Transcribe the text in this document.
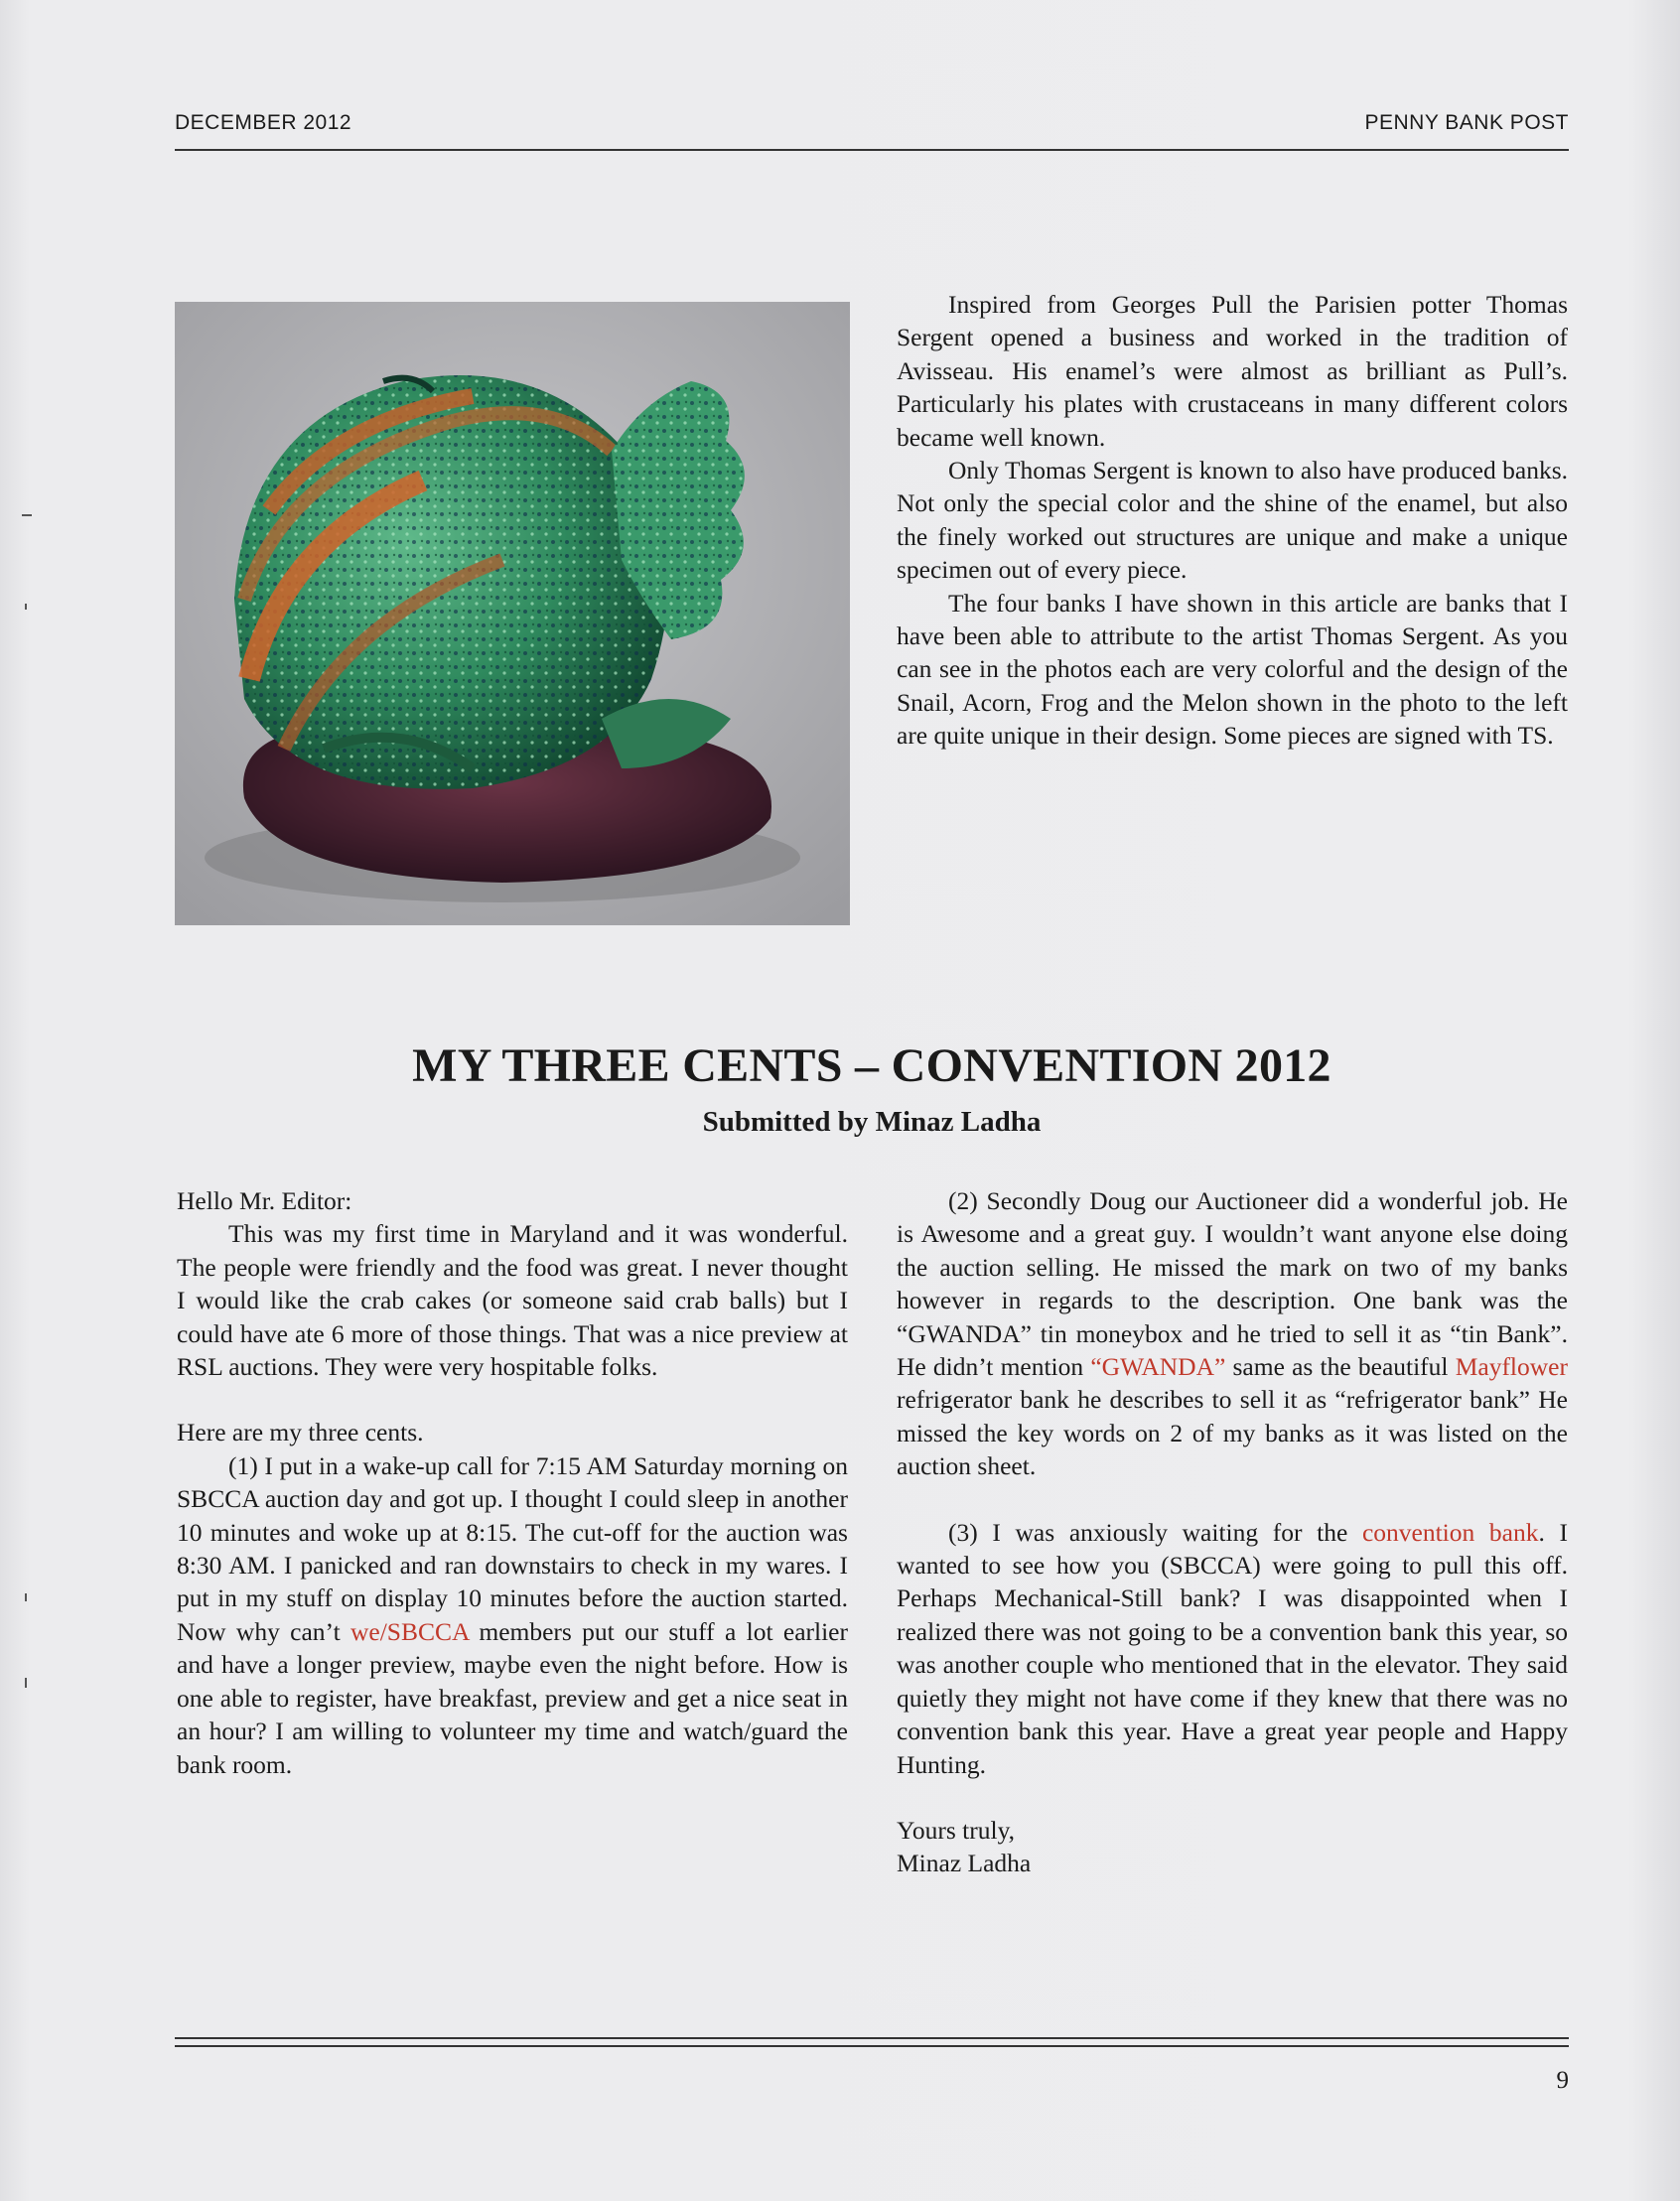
DECEMBER 2012	PENNY BANK POST

Inspired from Georges Pull the Parisien potter Thomas Sergent opened a business and worked in the tradition of Avisseau. His enamel’s were almost as brilliant as Pull’s. Particularly his plates with crustaceans in many different colors became well known.

Only Thomas Sergent is known to also have produced banks. Not only the special color and the shine of the enamel, but also the finely worked out structures are unique and make a unique specimen out of every piece.

The four banks I have shown in this article are banks that I have been able to attribute to the artist Thomas Sergent. As you can see in the photos each are very colorful and the design of the Snail, Acorn, Frog and the Melon shown in the photo to the left are quite unique in their design. Some pieces are signed with TS.

MY THREE CENTS – CONVENTION 2012
Submitted by Minaz Ladha

Hello Mr. Editor:

This was my first time in Maryland and it was wonderful. The people were friendly and the food was great. I never thought I would like the crab cakes (or someone said crab balls) but I could have ate 6 more of those things. That was a nice preview at RSL auctions. They were very hospitable folks.

Here are my three cents.

(1) I put in a wake-up call for 7:15 AM Saturday morning on SBCCA auction day and got up. I thought I could sleep in another 10 minutes and woke up at 8:15. The cut-off for the auction was 8:30 AM. I panicked and ran downstairs to check in my wares. I put in my stuff on display 10 minutes before the auction started. Now why can’t we/SBCCA members put our stuff a lot earlier and have a longer preview, maybe even the night before. How is one able to register, have breakfast, preview and get a nice seat in an hour? I am willing to volunteer my time and watch/guard the bank room.

(2) Secondly Doug our Auctioneer did a wonderful job. He is Awesome and a great guy. I wouldn’t want anyone else doing the auction selling. He missed the mark on two of my banks however in regards to the description. One bank was the “GWANDA” tin moneybox and he tried to sell it as “tin Bank”. He didn’t mention “GWANDA” same as the beautiful Mayflower refrigerator bank he describes to sell it as “refrigerator bank” He missed the key words on 2 of my banks as it was listed on the auction sheet.

(3) I was anxiously waiting for the convention bank. I wanted to see how you (SBCCA) were going to pull this off. Perhaps Mechanical-Still bank? I was disappointed when I realized there was not going to be a convention bank this year, so was another couple who mentioned that in the elevator. They said quietly they might not have come if they knew that there was no convention bank this year. Have a great year people and Happy Hunting.

Yours truly,

Minaz Ladha

9
